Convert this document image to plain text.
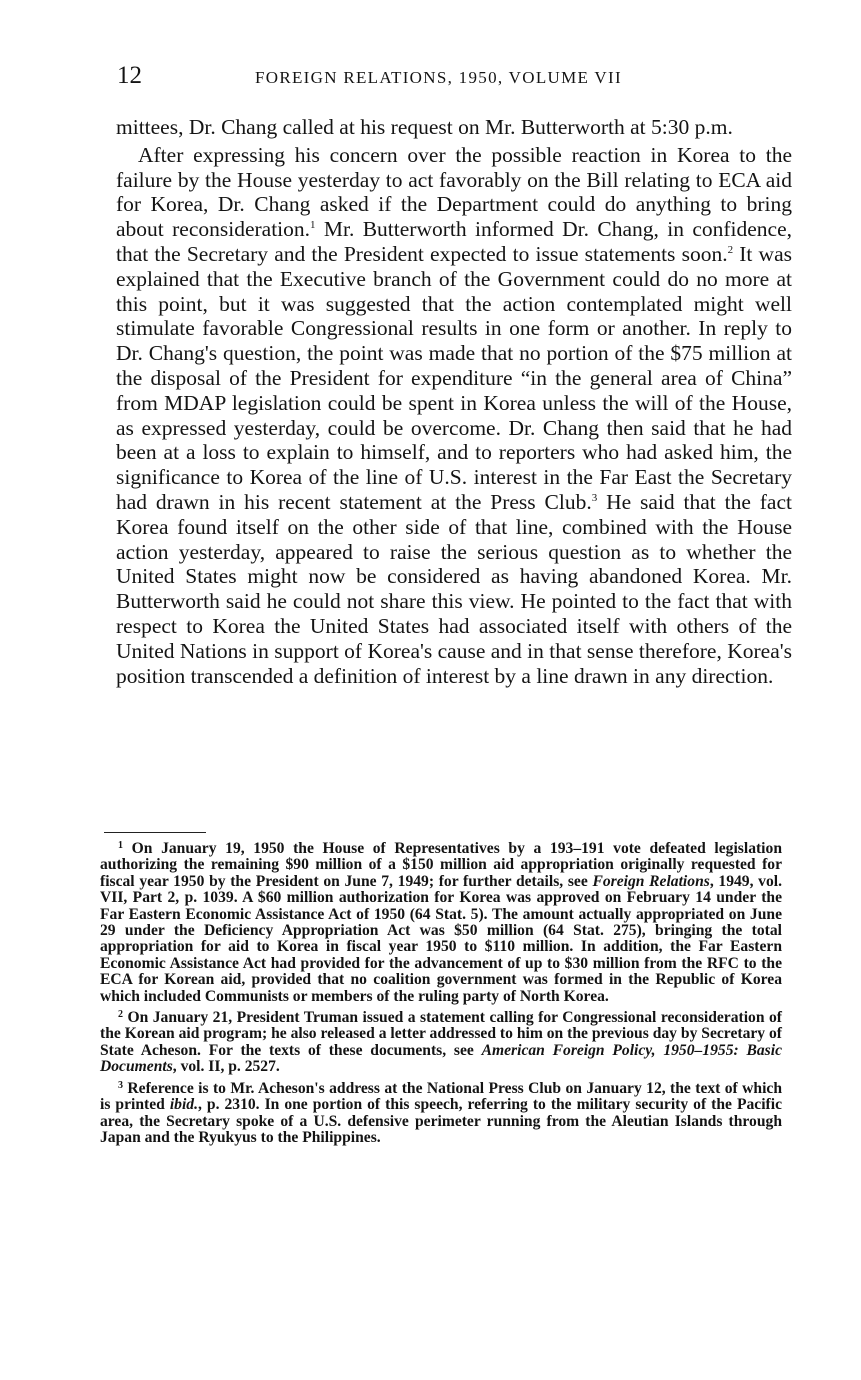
12	FOREIGN RELATIONS, 1950, VOLUME VII

mittees, Dr. Chang called at his request on Mr. Butterworth at 5:30 p.m.

After expressing his concern over the possible reaction in Korea to the failure by the House yesterday to act favorably on the Bill relating to ECA aid for Korea, Dr. Chang asked if the Department could do anything to bring about reconsideration.$^1$ Mr. Butterworth informed Dr. Chang, in confidence, that the Secretary and the President expected to issue statements soon.$^2$ It was explained that the Executive branch of the Government could do no more at this point, but it was suggested that the action contemplated might well stimulate favorable Congressional results in one form or another. In reply to Dr. Chang's question, the point was made that no portion of the $75 million at the disposal of the President for expenditure “in the general area of China” from MDAP legislation could be spent in Korea unless the will of the House, as expressed yesterday, could be overcome. Dr. Chang then said that he had been at a loss to explain to himself, and to reporters who had asked him, the significance to Korea of the line of U.S. interest in the Far East the Secretary had drawn in his recent statement at the Press Club.$^3$ He said that the fact Korea found itself on the other side of that line, combined with the House action yesterday, appeared to raise the serious question as to whether the United States might now be considered as having abandoned Korea. Mr. Butterworth said he could not share this view. He pointed to the fact that with respect to Korea the United States had associated itself with others of the United Nations in support of Korea's cause and in that sense therefore, Korea's position transcended a definition of interest by a line drawn in any direction.

$^1$ On January 19, 1950 the House of Representatives by a 193–191 vote defeated legislation authorizing the remaining $90 million of a $150 million aid appropriation originally requested for fiscal year 1950 by the President on June 7, 1949; for further details, see Foreign Relations, 1949, vol. VII, Part 2, p. 1039. A $60 million authorization for Korea was approved on February 14 under the Far Eastern Economic Assistance Act of 1950 (64 Stat. 5). The amount actually appropriated on June 29 under the Deficiency Appropriation Act was $50 million (64 Stat. 275), bringing the total appropriation for aid to Korea in fiscal year 1950 to $110 million. In addition, the Far Eastern Economic Assistance Act had provided for the advancement of up to $30 million from the RFC to the ECA for Korean aid, provided that no coalition government was formed in the Republic of Korea which included Communists or members of the ruling party of North Korea.

$^2$ On January 21, President Truman issued a statement calling for Congressional reconsideration of the Korean aid program; he also released a letter addressed to him on the previous day by Secretary of State Acheson. For the texts of these documents, see American Foreign Policy, 1950–1955: Basic Documents, vol. II, p. 2527.

$^3$ Reference is to Mr. Acheson's address at the National Press Club on January 12, the text of which is printed ibid., p. 2310. In one portion of this speech, referring to the military security of the Pacific area, the Secretary spoke of a U.S. defensive perimeter running from the Aleutian Islands through Japan and the Ryukyus to the Philippines.
